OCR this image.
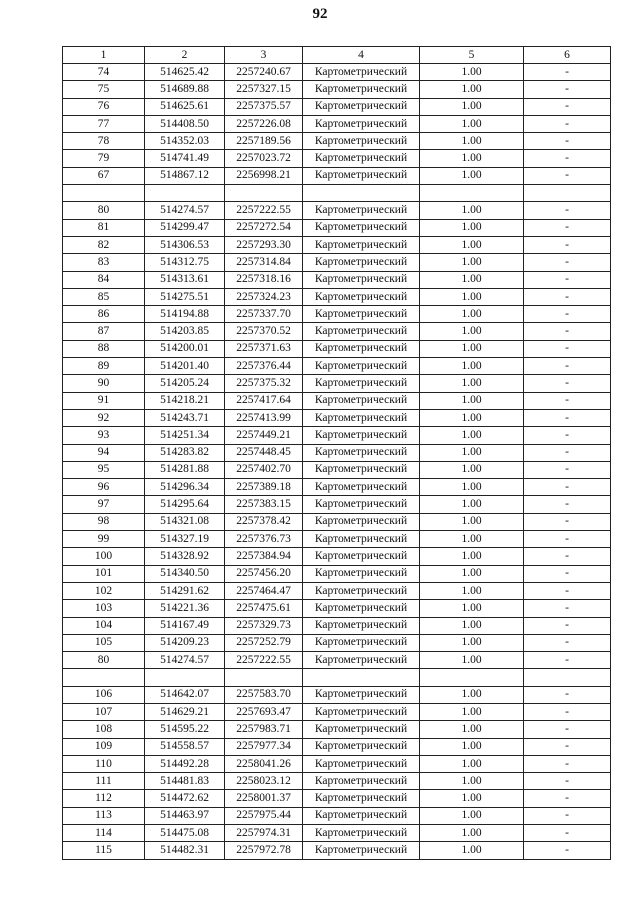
92
1	2	3	4	5	6
74	514625.42	2257240.67	Картометрический	1.00	-
75	514689.88	2257327.15	Картометрический	1.00	-
76	514625.61	2257375.57	Картометрический	1.00	-
77	514408.50	2257226.08	Картометрический	1.00	-
78	514352.03	2257189.56	Картометрический	1.00	-
79	514741.49	2257023.72	Картометрический	1.00	-
67	514867.12	2256998.21	Картометрический	1.00	-

80	514274.57	2257222.55	Картометрический	1.00	-
81	514299.47	2257272.54	Картометрический	1.00	-
82	514306.53	2257293.30	Картометрический	1.00	-
83	514312.75	2257314.84	Картометрический	1.00	-
84	514313.61	2257318.16	Картометрический	1.00	-
85	514275.51	2257324.23	Картометрический	1.00	-
86	514194.88	2257337.70	Картометрический	1.00	-
87	514203.85	2257370.52	Картометрический	1.00	-
88	514200.01	2257371.63	Картометрический	1.00	-
89	514201.40	2257376.44	Картометрический	1.00	-
90	514205.24	2257375.32	Картометрический	1.00	-
91	514218.21	2257417.64	Картометрический	1.00	-
92	514243.71	2257413.99	Картометрический	1.00	-
93	514251.34	2257449.21	Картометрический	1.00	-
94	514283.82	2257448.45	Картометрический	1.00	-
95	514281.88	2257402.70	Картометрический	1.00	-
96	514296.34	2257389.18	Картометрический	1.00	-
97	514295.64	2257383.15	Картометрический	1.00	-
98	514321.08	2257378.42	Картометрический	1.00	-
99	514327.19	2257376.73	Картометрический	1.00	-
100	514328.92	2257384.94	Картометрический	1.00	-
101	514340.50	2257456.20	Картометрический	1.00	-
102	514291.62	2257464.47	Картометрический	1.00	-
103	514221.36	2257475.61	Картометрический	1.00	-
104	514167.49	2257329.73	Картометрический	1.00	-
105	514209.23	2257252.79	Картометрический	1.00	-
80	514274.57	2257222.55	Картометрический	1.00	-

106	514642.07	2257583.70	Картометрический	1.00	-
107	514629.21	2257693.47	Картометрический	1.00	-
108	514595.22	2257983.71	Картометрический	1.00	-
109	514558.57	2257977.34	Картометрический	1.00	-
110	514492.28	2258041.26	Картометрический	1.00	-
111	514481.83	2258023.12	Картометрический	1.00	-
112	514472.62	2258001.37	Картометрический	1.00	-
113	514463.97	2257975.44	Картометрический	1.00	-
114	514475.08	2257974.31	Картометрический	1.00	-
115	514482.31	2257972.78	Картометрический	1.00	-
